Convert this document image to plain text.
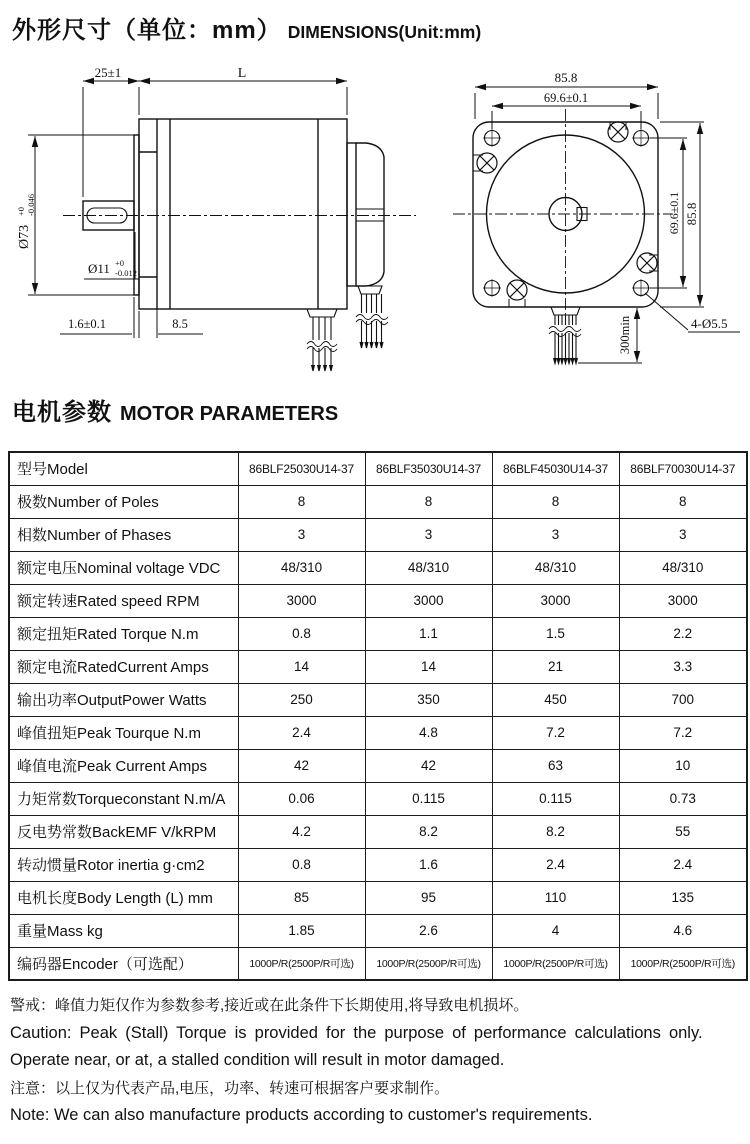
外形尺寸（单位：mm） DIMENSIONS(Unit:mm)
25±1	L
Ø73
+0 -0.046
Ø11 +0
-0.012
1.6±0.1	8.5
85.8
69.6±0.1
69.6±0.1 85.8
4-Ø5.5
300min
电机参数 MOTOR PARAMETERS
型号Model	86BLF25030U14-37	86BLF35030U14-37	86BLF45030U14-37	86BLF70030U14-37
极数Number of Poles	8	8	8	8
相数Number of Phases	3	3	3	3
额定电压Nominal voltage VDC	48/310	48/310	48/310	48/310
额定转速Rated speed RPM	3000	3000	3000	3000
额定扭矩Rated Torque N.m	0.8	1.1	1.5	2.2
额定电流RatedCurrent Amps	14	14	21	3.3
输出功率OutputPower Watts	250	350	450	700
峰值扭矩Peak Tourque N.m	2.4	4.8	7.2	7.2
峰值电流Peak Current Amps	42	42	63	10
力矩常数Torqueconstant N.m/A	0.06	0.115	0.115	0.73
反电势常数BackEMF V/kRPM	4.2	8.2	8.2	55
转动惯量Rotor inertia g·cm2	0.8	1.6	2.4	2.4
电机长度Body Length (L) mm	85	95	110	135
重量Mass kg	1.85	2.6	4	4.6
编码器Encoder（可选配）	1000P/R(2500P/R可选)	1000P/R(2500P/R可选)	1000P/R(2500P/R可选)	1000P/R(2500P/R可选)

警戒：峰值力矩仅作为参数参考,接近或在此条件下长期使用,将导致电机损坏。

Caution: Peak (Stall) Torque is provided for the purpose of performance calculations only.

Operate near, or at, a stalled condition will result in motor damaged.

注意：以上仅为代表产品,电压，功率、转速可根据客户要求制作。

Note: We can also manufacture products according to customer's requirements.
